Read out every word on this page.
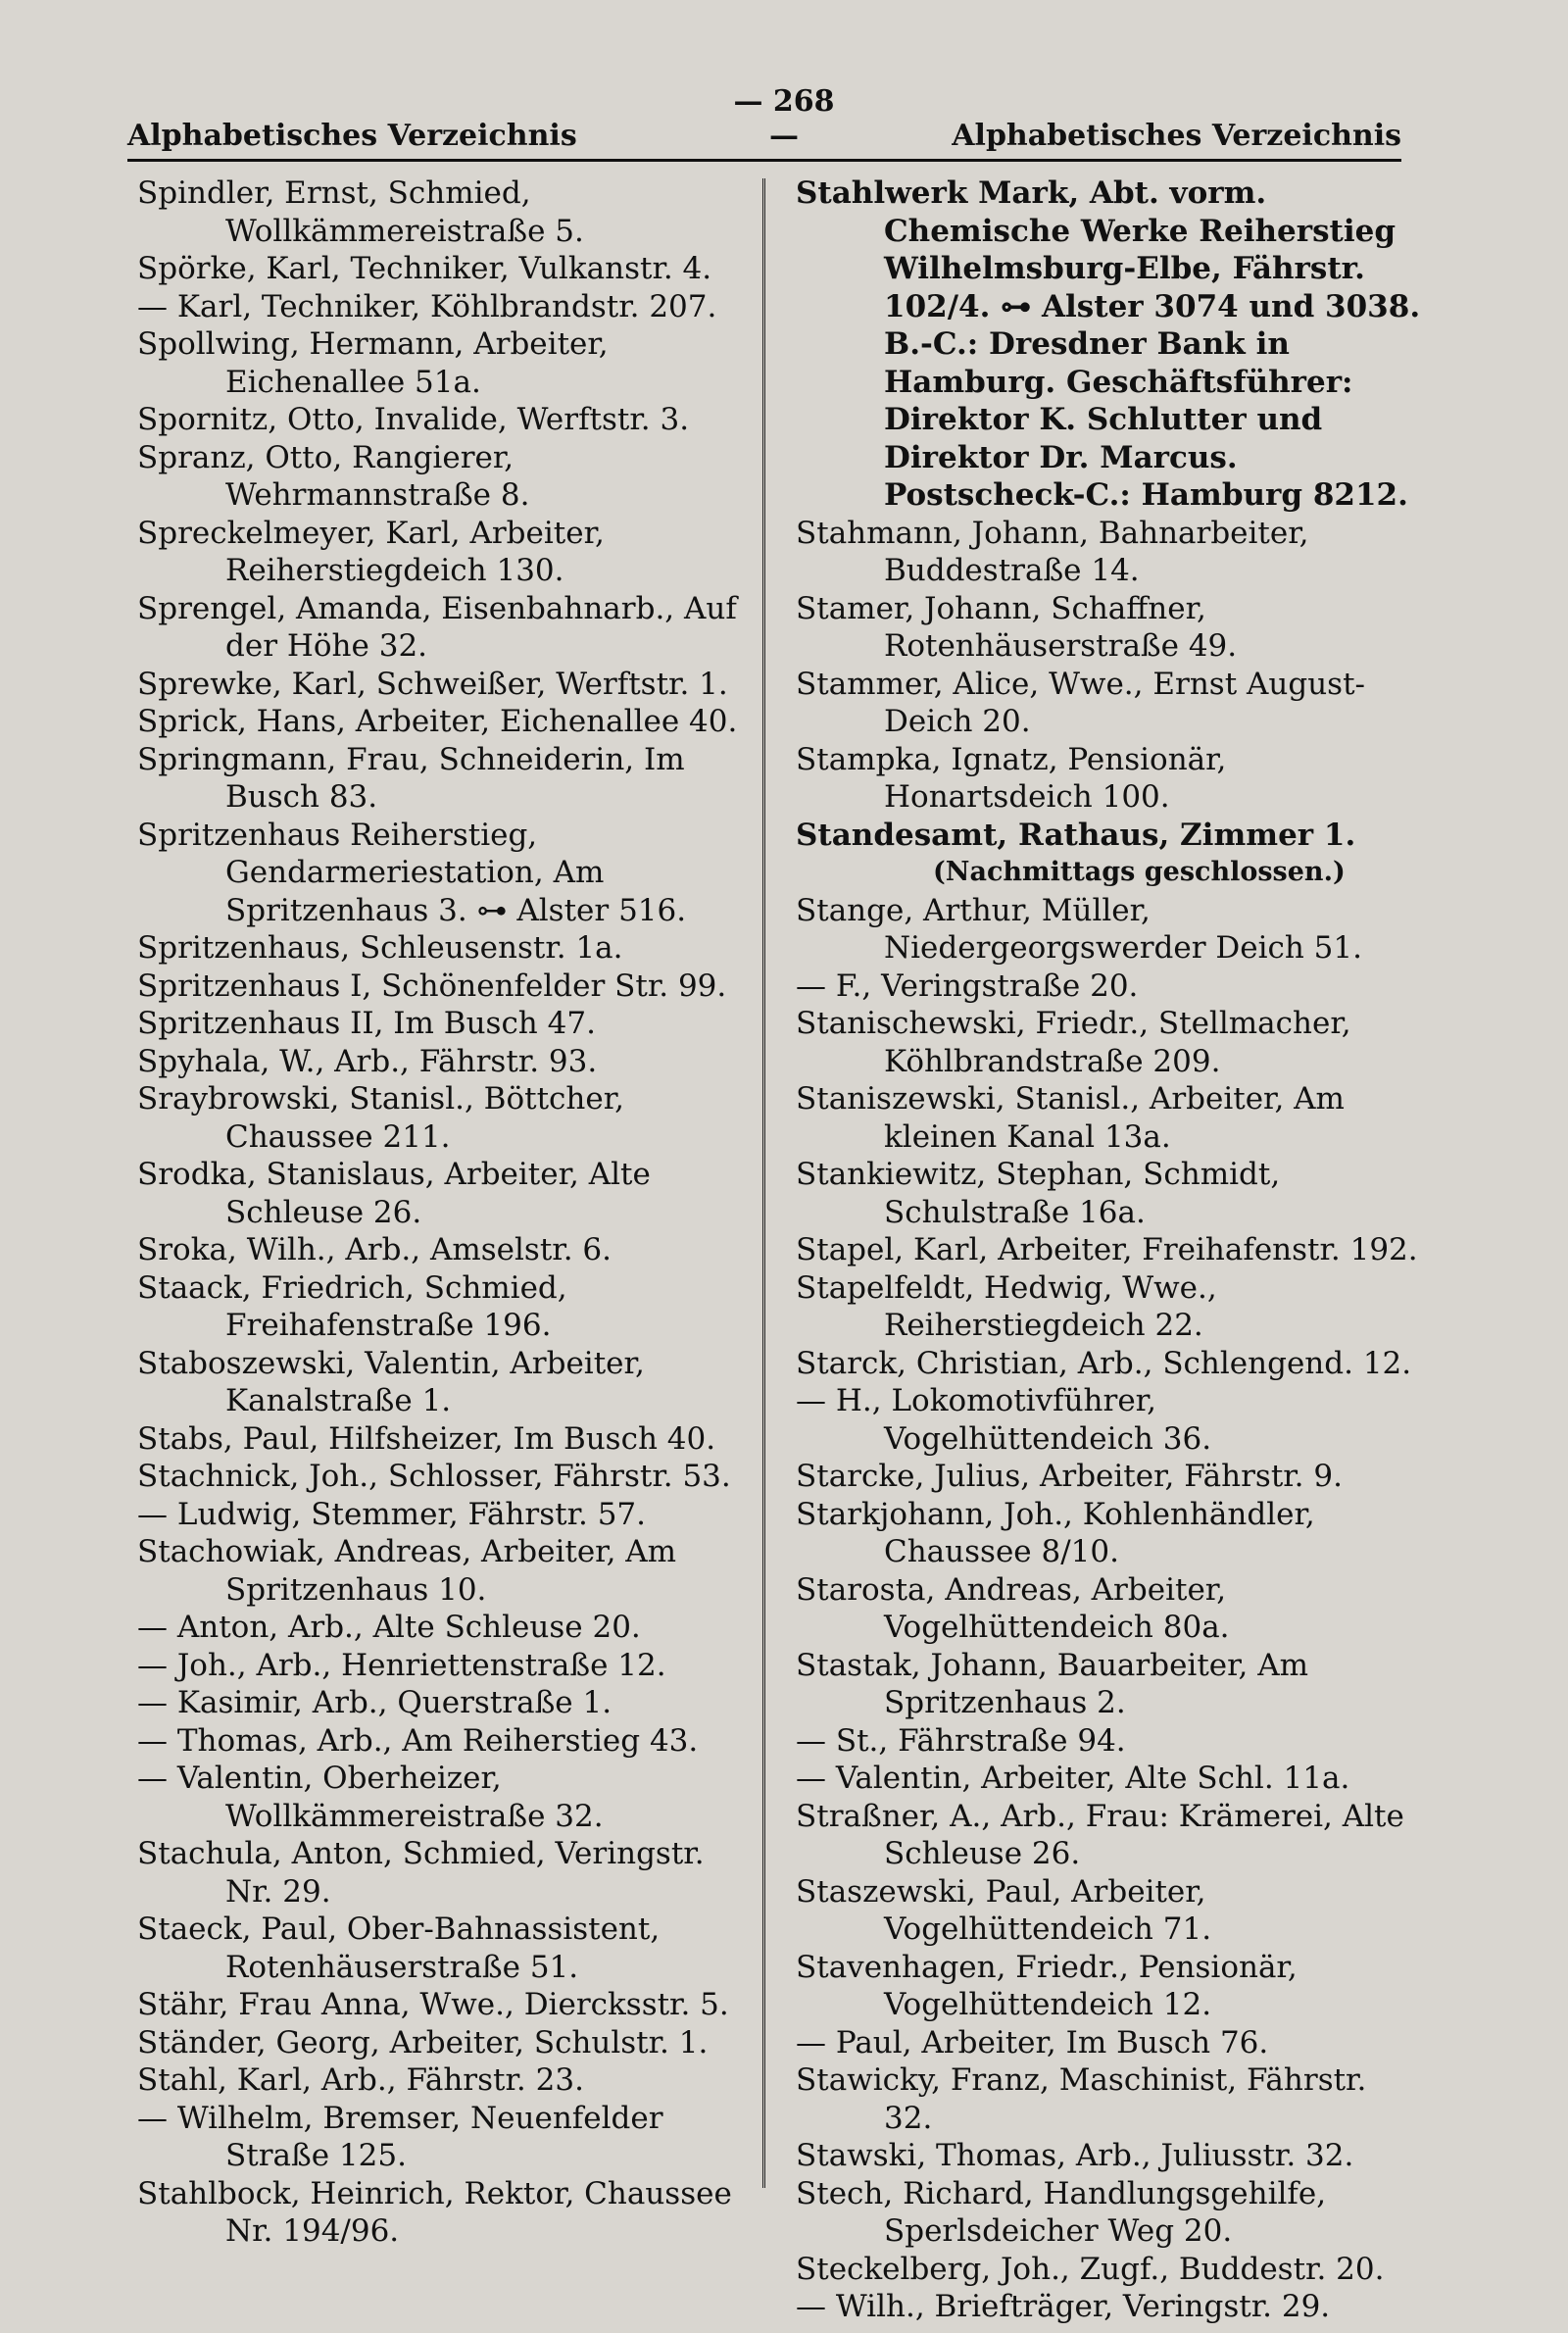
Alphabetisches Verzeichnis
— 268 —	Alphabetisches Verzeichnis

Spindler, Ernst, Schmied, Wollkämmereistraße 5.

Spörke, Karl, Techniker, Vulkanstr. 4.

— Karl, Techniker, Köhlbrandstr. 207.

Spollwing, Hermann, Arbeiter, Eichenallee 51a.

Spornitz, Otto, Invalide, Werftstr. 3.

Spranz, Otto, Rangierer, Wehrmannstraße 8.

Spreckelmeyer, Karl, Arbeiter, Reiherstiegdeich 130.

Sprengel, Amanda, Eisenbahnarb., Auf der Höhe 32.

Sprewke, Karl, Schweißer, Werftstr. 1.

Sprick, Hans, Arbeiter, Eichenallee 40.

Springmann, Frau, Schneiderin, Im Busch 83.

Spritzenhaus Reiherstieg, Gendarmeriestation, Am Spritzenhaus 3. ⊶ Alster 516.

Spritzenhaus, Schleusenstr. 1a.

Spritzenhaus I, Schönenfelder Str. 99.

Spritzenhaus II, Im Busch 47.

Spyhala, W., Arb., Fährstr. 93.

Sraybrowski, Stanisl., Böttcher, Chaussee 211.

Srodka, Stanislaus, Arbeiter, Alte Schleuse 26.

Sroka, Wilh., Arb., Amselstr. 6.

Staack, Friedrich, Schmied, Freihafenstraße 196.

Staboszewski, Valentin, Arbeiter, Kanalstraße 1.

Stabs, Paul, Hilfsheizer, Im Busch 40.

Stachnick, Joh., Schlosser, Fährstr. 53.

— Ludwig, Stemmer, Fährstr. 57.

Stachowiak, Andreas, Arbeiter, Am Spritzenhaus 10.

— Anton, Arb., Alte Schleuse 20.

— Joh., Arb., Henriettenstraße 12.

— Kasimir, Arb., Querstraße 1.

— Thomas, Arb., Am Reiherstieg 43.

— Valentin, Oberheizer, Wollkämmereistraße 32.

Stachula, Anton, Schmied, Veringstr. Nr. 29.

Staeck, Paul, Ober-Bahnassistent, Rotenhäuserstraße 51.

Stähr, Frau Anna, Wwe., Diercksstr. 5.

Ständer, Georg, Arbeiter, Schulstr. 1.

Stahl, Karl, Arb., Fährstr. 23.

— Wilhelm, Bremser, Neuenfelder Straße 125.

Stahlbock, Heinrich, Rektor, Chaussee Nr. 194/96.

Stahlwerk Mark, Abt. vorm. Chemische Werke Reiherstieg Wilhelmsburg-Elbe, Fährstr. 102/4. ⊶ Alster 3074 und 3038. B.-C.: Dresdner Bank in Hamburg. Geschäftsführer: Direktor K. Schlutter und Direktor Dr. Marcus. Postscheck-C.: Hamburg 8212.

Stahmann, Johann, Bahnarbeiter, Buddestraße 14.

Stamer, Johann, Schaffner, Rotenhäuserstraße 49.

Stammer, Alice, Wwe., Ernst August-Deich 20.

Stampka, Ignatz, Pensionär, Honartsdeich 100.

Standesamt, Rathaus, Zimmer 1.

(Nachmittags geschlossen.)

Stange, Arthur, Müller, Niedergeorgswerder Deich 51.

— F., Veringstraße 20.

Stanischewski, Friedr., Stellmacher, Köhlbrandstraße 209.

Staniszewski, Stanisl., Arbeiter, Am kleinen Kanal 13a.

Stankiewitz, Stephan, Schmidt, Schulstraße 16a.

Stapel, Karl, Arbeiter, Freihafenstr. 192.

Stapelfeldt, Hedwig, Wwe., Reiherstiegdeich 22.

Starck, Christian, Arb., Schlengend. 12.

— H., Lokomotivführer, Vogelhüttendeich 36.

Starcke, Julius, Arbeiter, Fährstr. 9.

Starkjohann, Joh., Kohlenhändler, Chaussee 8/10.

Starosta, Andreas, Arbeiter, Vogelhüttendeich 80a.

Stastak, Johann, Bauarbeiter, Am Spritzenhaus 2.

— St., Fährstraße 94.

— Valentin, Arbeiter, Alte Schl. 11a.

Straßner, A., Arb., Frau: Krämerei, Alte Schleuse 26.

Staszewski, Paul, Arbeiter, Vogelhüttendeich 71.

Stavenhagen, Friedr., Pensionär, Vogelhüttendeich 12.

— Paul, Arbeiter, Im Busch 76.

Stawicky, Franz, Maschinist, Fährstr. 32.

Stawski, Thomas, Arb., Juliusstr. 32.

Stech, Richard, Handlungsgehilfe, Sperlsdeicher Weg 20.

Steckelberg, Joh., Zugf., Buddestr. 20.

— Wilh., Briefträger, Veringstr. 29.
